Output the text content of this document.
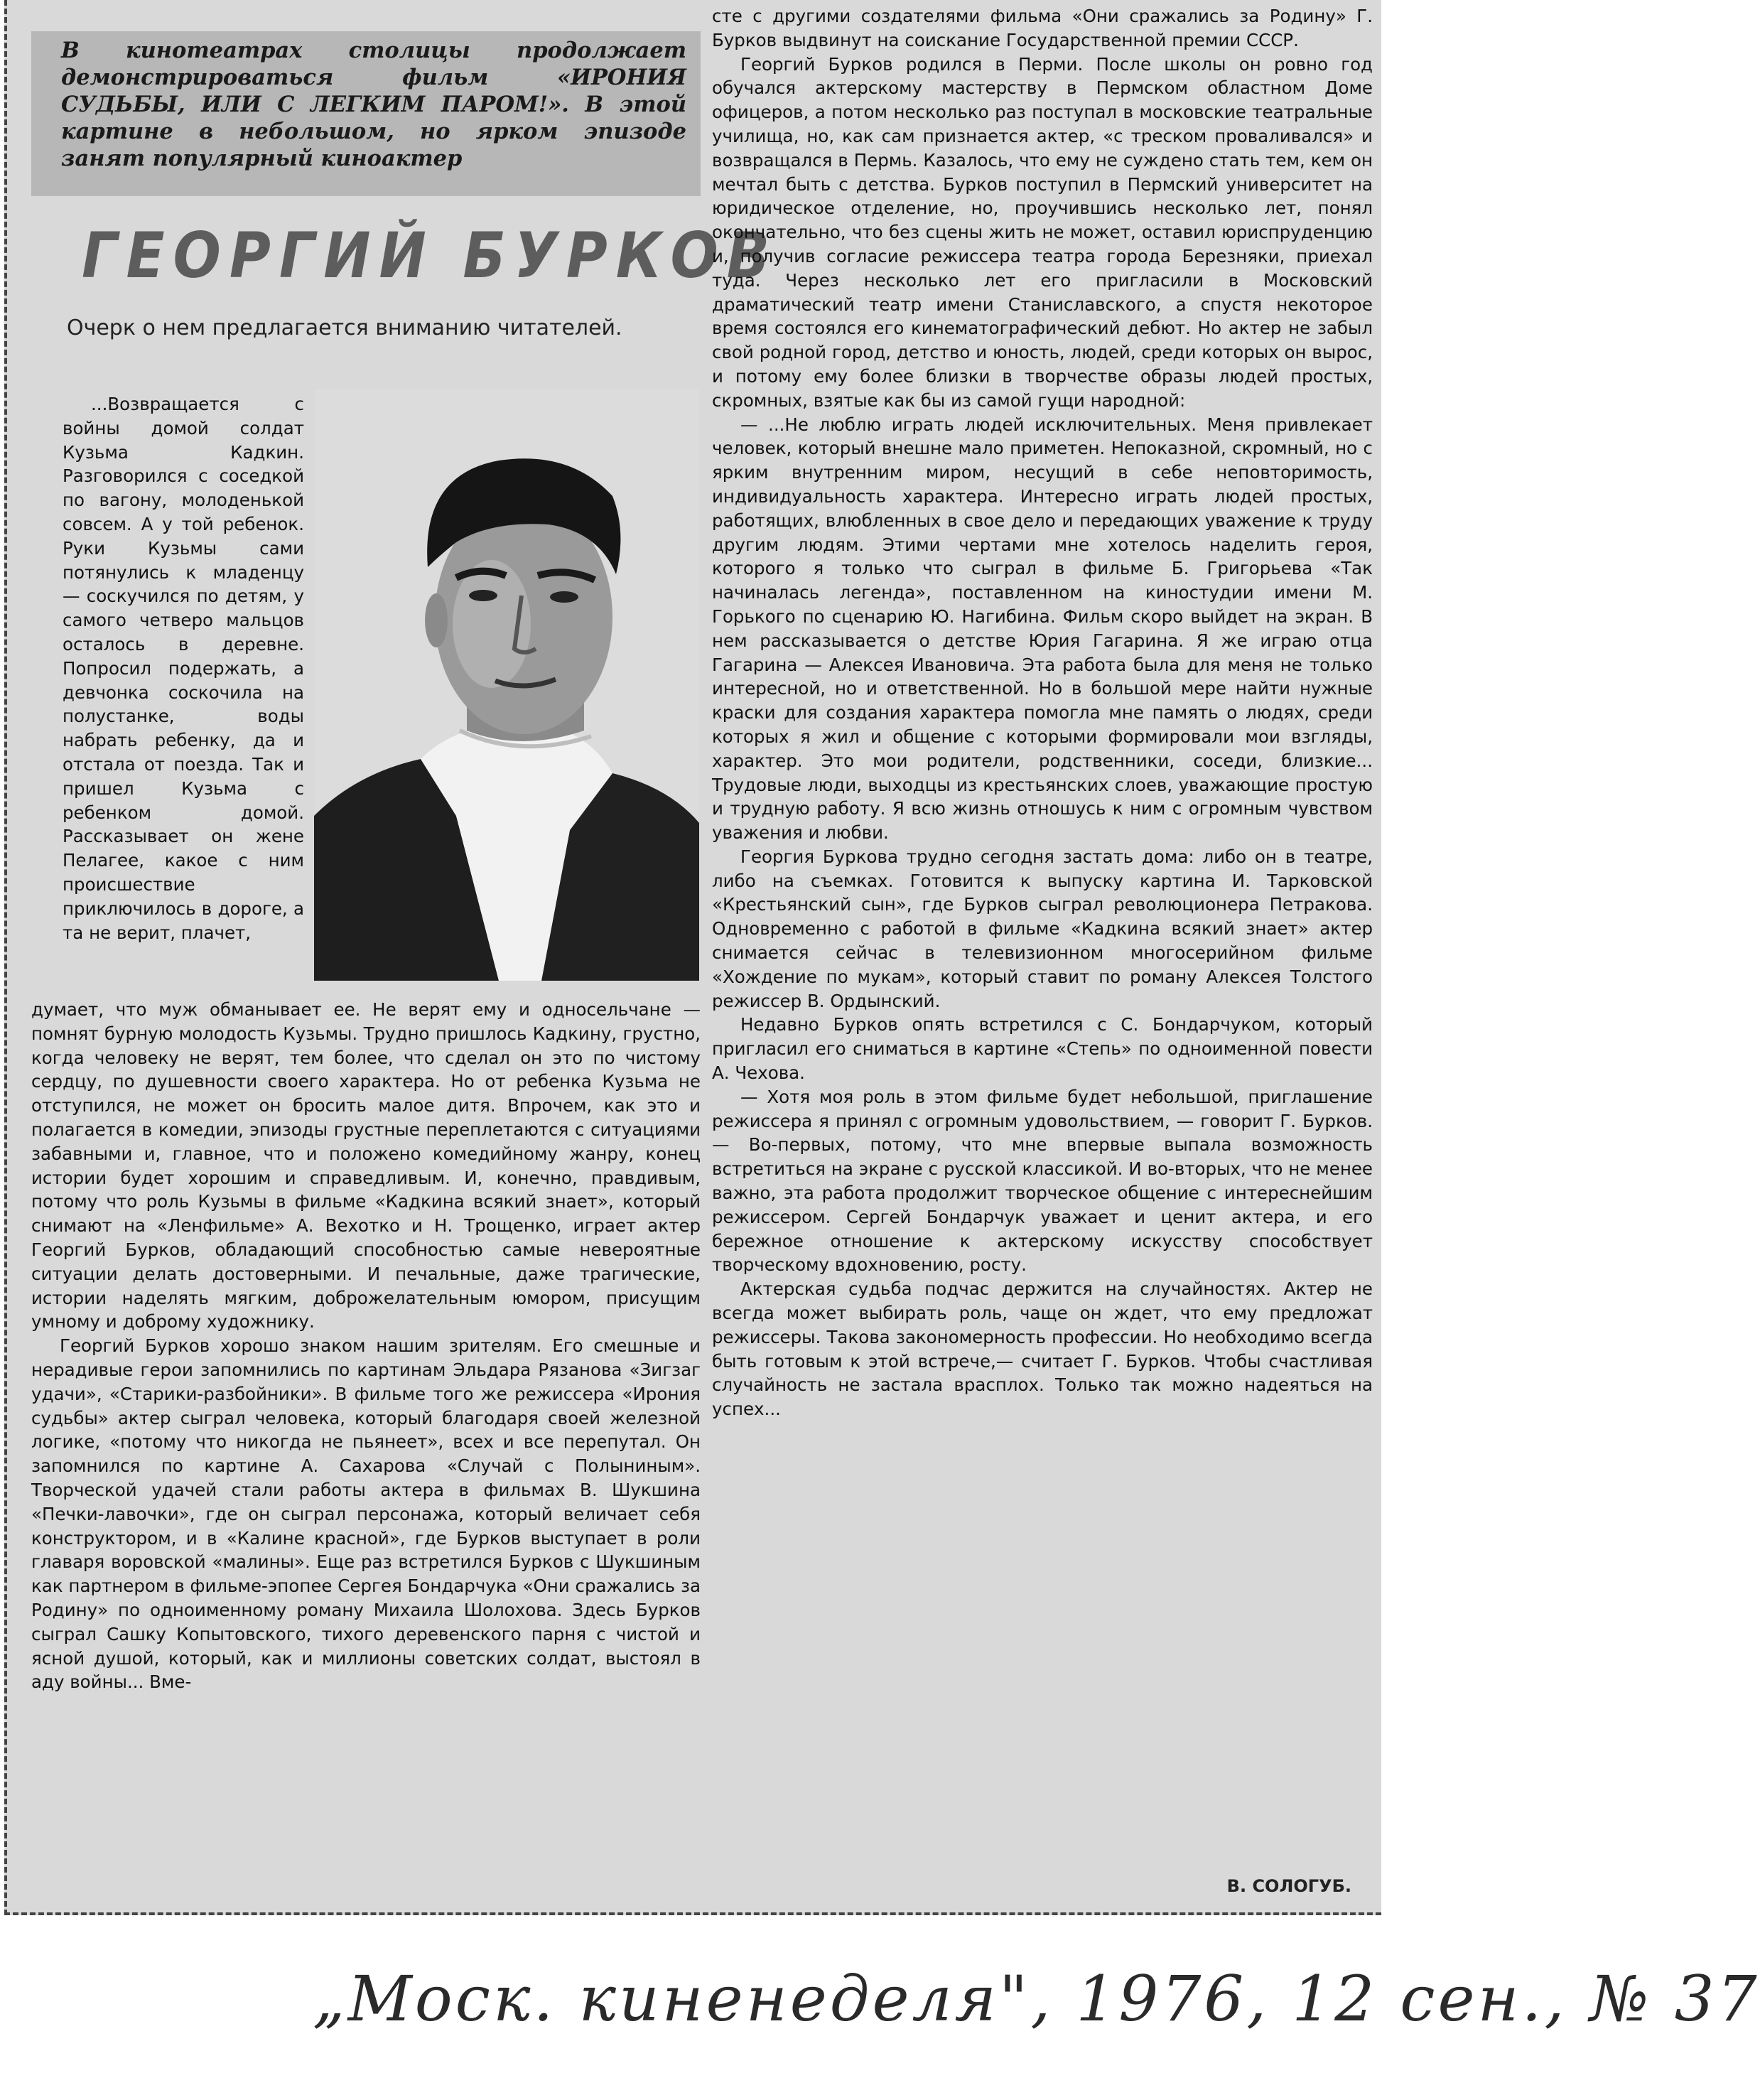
В кинотеатрах столицы продолжает демонстрироваться фильм «ИРОНИЯ СУДЬБЫ, ИЛИ С ЛЕГКИМ ПАРОМ!». В этой картине в небольшом, но ярком эпизоде занят популярный киноактер
ГЕОРГИЙ БУРКОВ
Очерк о нем предлагается вниманию читателей.

...Возвращается с войны домой солдат Кузьма Кадкин. Разговорился с соседкой по вагону, молоденькой совсем. А у той ребенок. Руки Кузьмы сами потянулись к младенцу — соскучился по детям, у самого четверо мальцов осталось в деревне. Попросил подержать, а девчонка соскочила на полустанке, воды набрать ребенку, да и отстала от поезда. Так и пришел Кузьма с ребенком домой. Рассказывает он жене Пелагее, какое с ним происшествие приключилось в дороге, а та не верит, плачет,

думает, что муж обманывает ее. Не верят ему и односельчане — помнят бурную молодость Кузьмы. Трудно пришлось Кадкину, грустно, когда человеку не верят, тем более, что сделал он это по чистому сердцу, по душевности своего характера. Но от ребенка Кузьма не отступился, не может он бросить малое дитя. Впрочем, как это и полагается в комедии, эпизоды грустные переплетаются с ситуациями забавными и, главное, что и положено комедийному жанру, конец истории будет хорошим и справедливым. И, конечно, правдивым, потому что роль Кузьмы в фильме «Кадкина всякий знает», который снимают на «Ленфильме» А. Вехотко и Н. Трощенко, играет актер Георгий Бурков, обладающий способностью самые невероятные ситуации делать достоверными. И печальные, даже трагические, истории наделять мягким, доброжелательным юмором, присущим умному и доброму художнику.

Георгий Бурков хорошо знаком нашим зрителям. Его смешные и нерадивые герои запомнились по картинам Эльдара Рязанова «Зигзаг удачи», «Старики-разбойники». В фильме того же режиссера «Ирония судьбы» актер сыграл человека, который благодаря своей железной логике, «потому что никогда не пьянеет», всех и все перепутал. Он запомнился по картине А. Сахарова «Случай с Полыниным». Творческой удачей стали работы актера в фильмах В. Шукшина «Печки-лавочки», где он сыграл персонажа, который величает себя конструктором, и в «Калине красной», где Бурков выступает в роли главаря воровской «малины». Еще раз встретился Бурков с Шукшиным как партнером в фильме-эпопее Сергея Бондарчука «Они сражались за Родину» по одноименному роману Михаила Шолохова. Здесь Бурков сыграл Сашку Копытовского, тихого деревенского парня с чистой и ясной душой, который, как и миллионы советских солдат, выстоял в аду войны... Вме-

сте с другими создателями фильма «Они сражались за Родину» Г. Бурков выдвинут на соискание Государственной премии СССР.

Георгий Бурков родился в Перми. После школы он ровно год обучался актерскому мастерству в Пермском областном Доме офицеров, а потом несколько раз поступал в московские театральные училища, но, как сам признается актер, «с треском проваливался» и возвращался в Пермь. Казалось, что ему не суждено стать тем, кем он мечтал быть с детства. Бурков поступил в Пермский университет на юридическое отделение, но, проучившись несколько лет, понял окончательно, что без сцены жить не может, оставил юриспруденцию и, получив согласие режиссера театра города Березняки, приехал туда. Через несколько лет его пригласили в Московский драматический театр имени Станиславского, а спустя некоторое время состоялся его кинематографический дебют. Но актер не забыл свой родной город, детство и юность, людей, среди которых он вырос, и потому ему более близки в творчестве образы людей простых, скромных, взятые как бы из самой гущи народной:

— ...Не люблю играть людей исключительных. Меня привлекает человек, который внешне мало приметен. Непоказной, скромный, но с ярким внутренним миром, несущий в себе неповторимость, индивидуальность характера. Интересно играть людей простых, работящих, влюбленных в свое дело и передающих уважение к труду другим людям. Этими чертами мне хотелось наделить героя, которого я только что сыграл в фильме Б. Григорьева «Так начиналась легенда», поставленном на киностудии имени М. Горького по сценарию Ю. Нагибина. Фильм скоро выйдет на экран. В нем рассказывается о детстве Юрия Гагарина. Я же играю отца Гагарина — Алексея Ивановича. Эта работа была для меня не только интересной, но и ответственной. Но в большой мере найти нужные краски для создания характера помогла мне память о людях, среди которых я жил и общение с которыми формировали мои взгляды, характер. Это мои родители, родственники, соседи, близкие... Трудовые люди, выходцы из крестьянских слоев, уважающие простую и трудную работу. Я всю жизнь отношусь к ним с огромным чувством уважения и любви.

Георгия Буркова трудно сегодня застать дома: либо он в театре, либо на съемках. Готовится к выпуску картина И. Тарковской «Крестьянский сын», где Бурков сыграл революционера Петракова. Одновременно с работой в фильме «Кадкина всякий знает» актер снимается сейчас в телевизионном многосерийном фильме «Хождение по мукам», который ставит по роману Алексея Толстого режиссер В. Ордынский.

Недавно Бурков опять встретился с С. Бондарчуком, который пригласил его сниматься в картине «Степь» по одноименной повести А. Чехова.

— Хотя моя роль в этом фильме будет небольшой, приглашение режиссера я принял с огромным удовольствием, — говорит Г. Бурков. — Во-первых, потому, что мне впервые выпала возможность встретиться на экране с русской классикой. И во-вторых, что не менее важно, эта работа продолжит творческое общение с интереснейшим режиссером. Сергей Бондарчук уважает и ценит актера, и его бережное отношение к актерскому искусству способствует творческому вдохновению, росту.

Актерская судьба подчас держится на случайностях. Актер не всегда может выбирать роль, чаще он ждет, что ему предложат режиссеры. Такова закономерность профессии. Но необходимо всегда быть готовым к этой встрече,— считает Г. Бурков. Чтобы счастливая случайность не застала врасплох. Только так можно надеяться на успех...

В. СОЛОГУБ.
„Моск. киненеделя", 1976, 12 сен., № 37
